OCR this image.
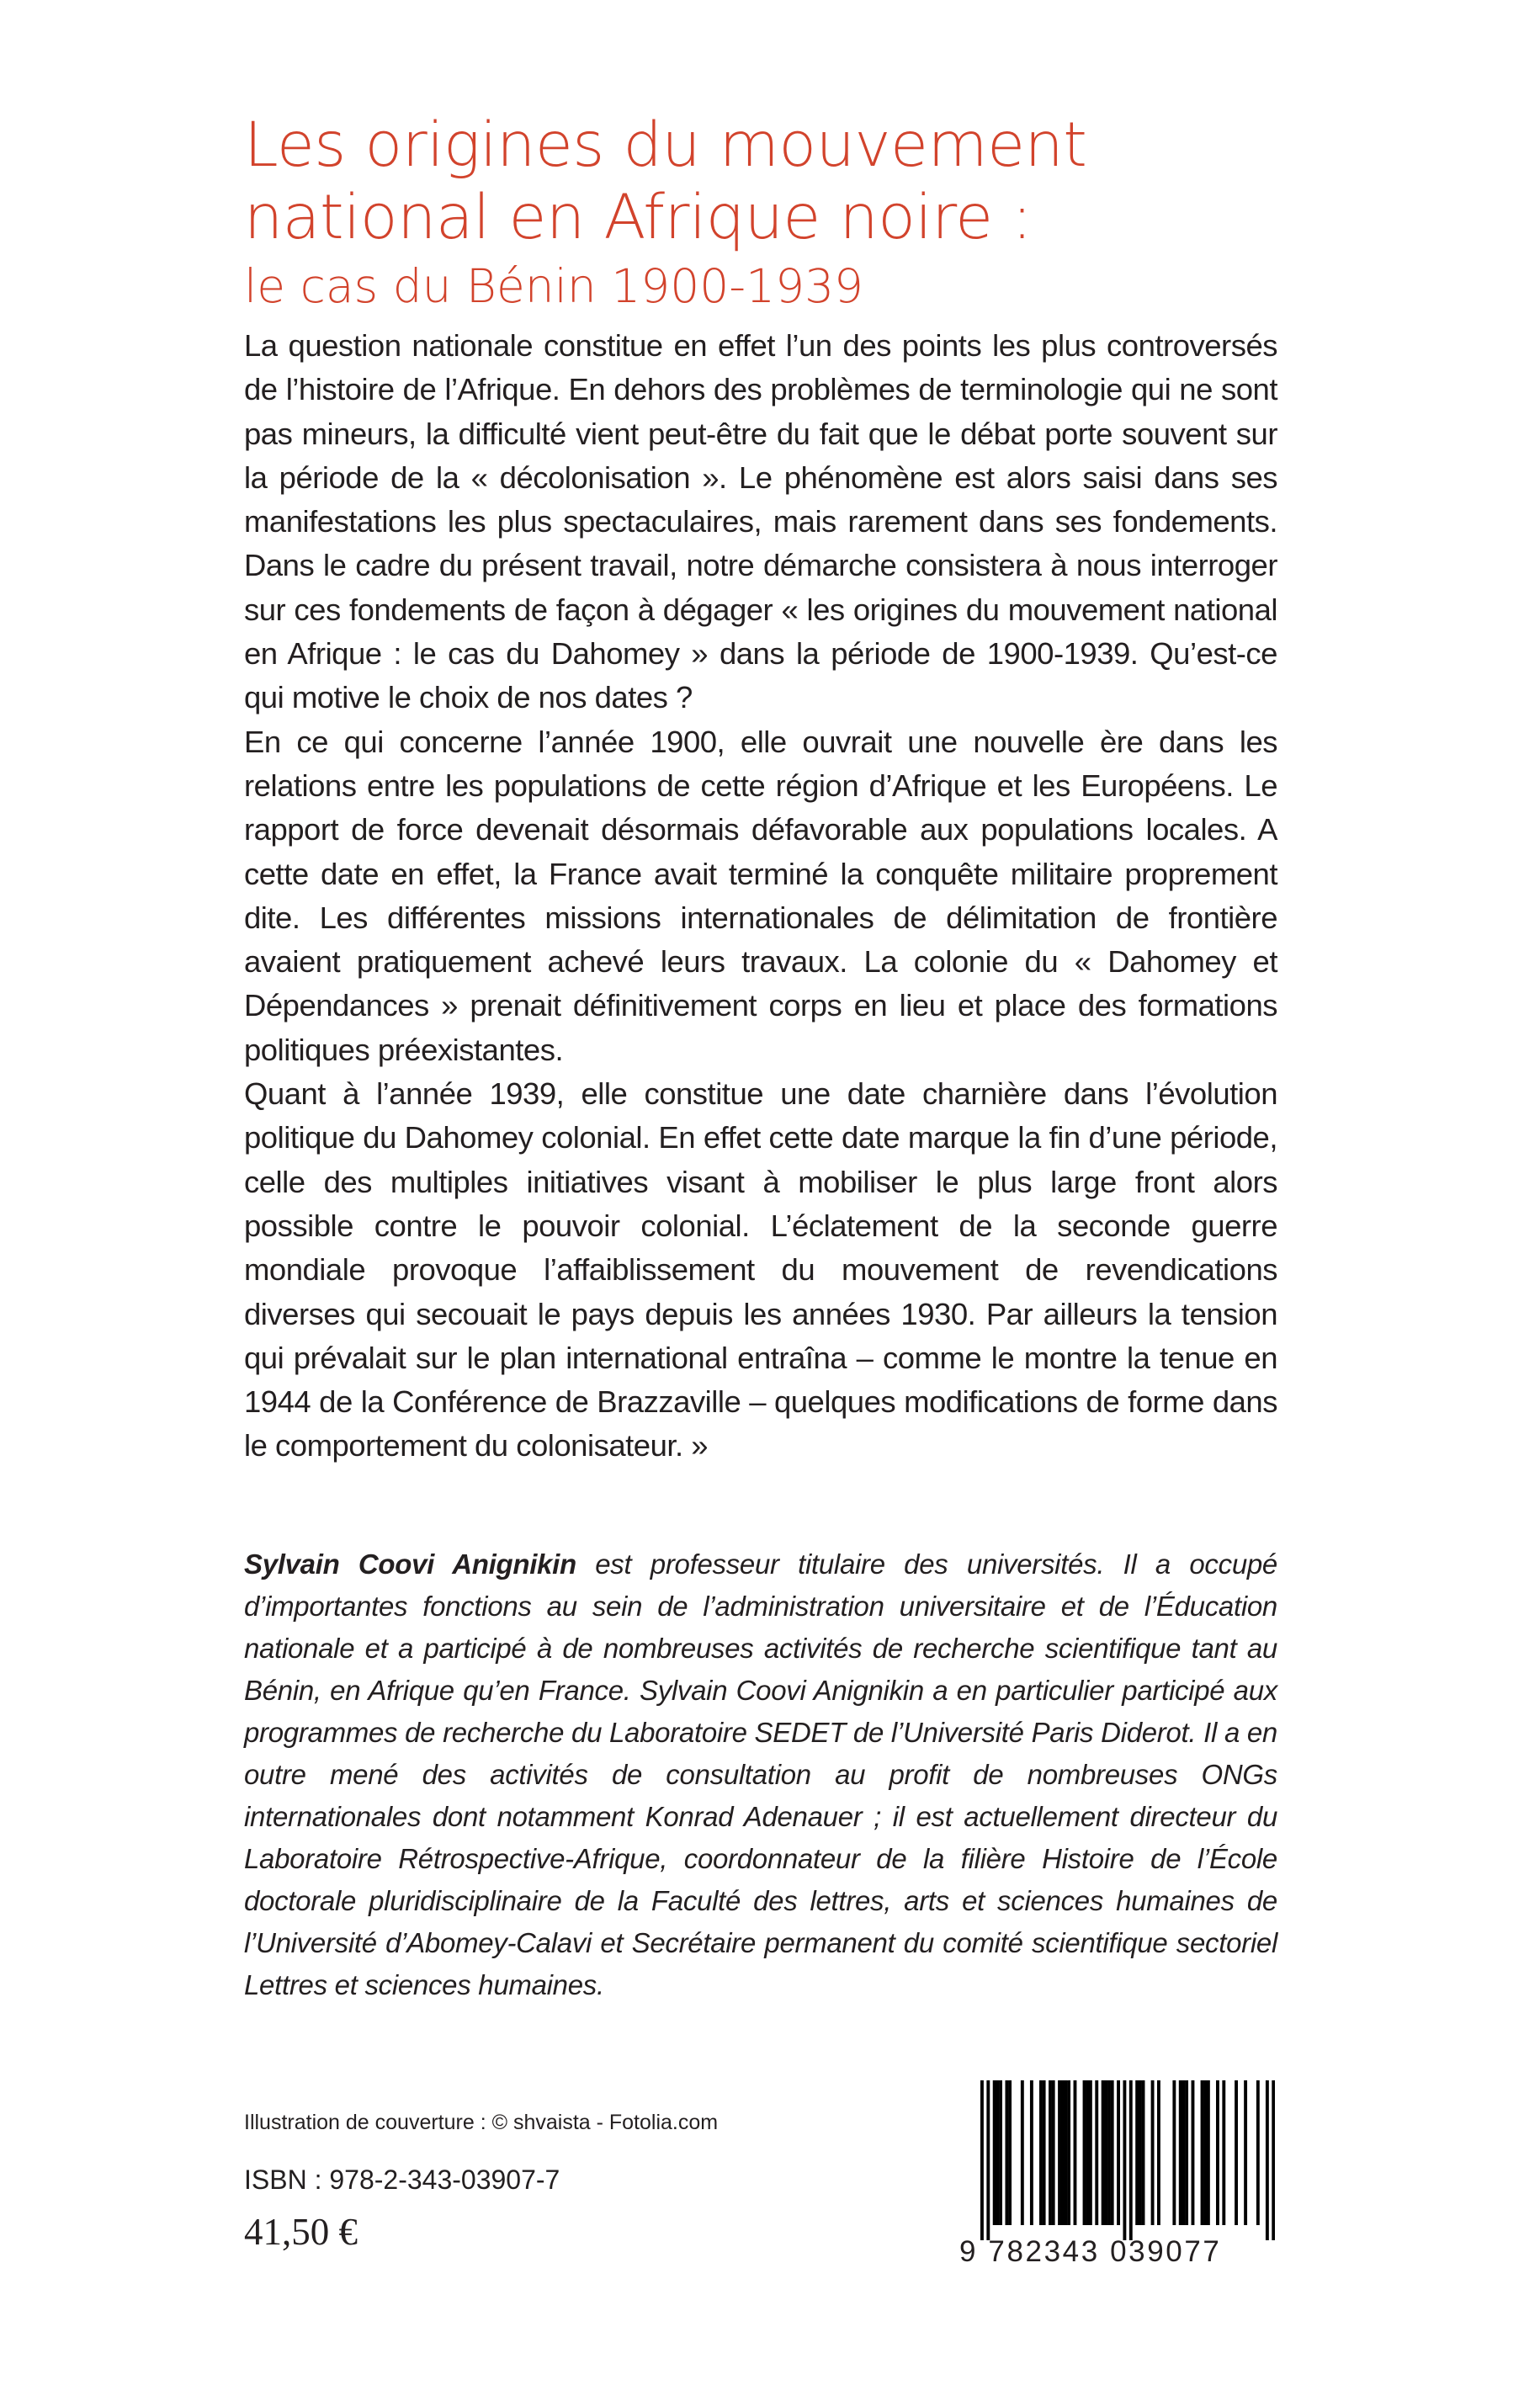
Les origines du mouvement
national en Afrique noire :
le cas du Bénin 1900-1939

La question nationale constitue en effet l’un des points les plus controversés de l’histoire de l’Afrique. En dehors des problèmes de terminologie qui ne sont pas mineurs, la difficulté vient peut-être du fait que le débat porte souvent sur la période de la « décolonisation ». Le phénomène est alors saisi dans ses manifestations les plus spectaculaires, mais rarement dans ses fondements. Dans le cadre du présent travail, notre démarche consistera à nous interroger sur ces fondements de façon à dégager « les origines du mouvement national en Afrique : le cas du Dahomey » dans la période de 1900-1939. Qu’est-ce qui motive le choix de nos dates ?

En ce qui concerne l’année 1900, elle ouvrait une nouvelle ère dans les relations entre les populations de cette région d’Afrique et les Européens. Le rapport de force devenait désormais défavorable aux populations locales. A cette date en effet, la France avait terminé la conquête militaire proprement dite. Les différentes missions internationales de délimitation de frontière avaient pratiquement achevé leurs travaux. La colonie du « Dahomey et Dépendances » prenait définitivement corps en lieu et place des formations politiques préexistantes.

Quant à l’année 1939, elle constitue une date charnière dans l’évolution politique du Dahomey colonial. En effet cette date marque la fin d’une période, celle des multiples initiatives visant à mobiliser le plus large front alors possible contre le pouvoir colonial. L’éclatement de la seconde guerre mondiale provoque l’affaiblissement du mouvement de revendications diverses qui secouait le pays depuis les années 1930. Par ailleurs la tension qui prévalait sur le plan international entraîna – comme le montre la tenue en 1944 de la Conférence de Brazzaville – quelques modifications de forme dans le comportement du colonisateur. »

Sylvain Coovi Anignikin est professeur titulaire des universités. Il a occupé d’importantes fonctions au sein de l’administration universitaire et de l’Éducation nationale et a participé à de nombreuses activités de recherche scientifique tant au Bénin, en Afrique qu’en France. Sylvain Coovi Anignikin a en particulier participé aux programmes de recherche du Laboratoire SEDET de l’Université Paris Diderot. Il a en outre mené des activités de consultation au profit de nombreuses ONGs internationales dont notamment Konrad Adenauer ; il est actuellement directeur du Laboratoire Rétrospective-Afrique, coordonnateur de la filière Histoire de l’École doctorale pluridisciplinaire de la Faculté des lettres, arts et sciences humaines de l’Université d’Abomey-Calavi et Secrétaire permanent du comité scientifique sectoriel Lettres et sciences humaines.

Illustration de couverture : © shvaista - Fotolia.com
ISBN : 978-2-343-03907-7
41,50 €	9 782343 039077
